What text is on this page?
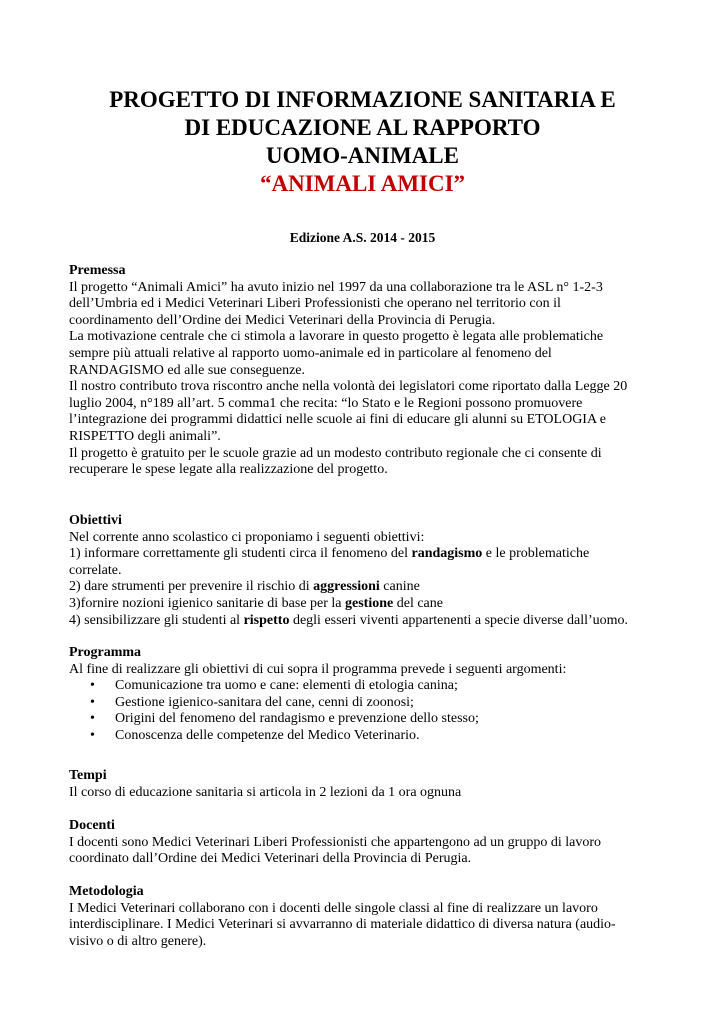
PROGETTO DI INFORMAZIONE SANITARIA E
DI EDUCAZIONE AL RAPPORTO
UOMO-ANIMALE
“ANIMALI AMICI”
Edizione A.S. 2014 - 2015
Premessa
Il progetto “Animali Amici” ha avuto inizio nel 1997 da una collaborazione tra le ASL n° 1-2-3
dell’Umbria ed i Medici Veterinari Liberi Professionisti che operano nel territorio con il
coordinamento dell’Ordine dei Medici Veterinari della Provincia di Perugia.
La motivazione centrale che ci stimola a lavorare in questo progetto è legata alle problematiche
sempre più attuali relative al rapporto uomo-animale ed in particolare al fenomeno del
RANDAGISMO ed alle sue conseguenze.
Il nostro contributo trova riscontro anche nella volontà dei legislatori come riportato dalla Legge 20
luglio 2004, n°189 all’art. 5 comma1 che recita: “lo Stato e le Regioni possono promuovere
l’integrazione dei programmi didattici nelle scuole ai fini di educare gli alunni su ETOLOGIA e
RISPETTO degli animali”.
Il progetto è gratuito per le scuole grazie ad un modesto contributo regionale che ci consente di
recuperare le spese legate alla realizzazione del progetto.
Obiettivi
Nel corrente anno scolastico ci proponiamo i seguenti obiettivi:
1) informare correttamente gli studenti circa il fenomeno del randagismo e le problematiche
correlate.
2) dare strumenti per prevenire il rischio di aggressioni canine
3)fornire nozioni igienico sanitarie di base per la gestione del cane
4) sensibilizzare gli studenti al rispetto degli esseri viventi appartenenti a specie diverse dall’uomo.
Programma
Al fine di realizzare gli obiettivi di cui sopra il programma prevede i seguenti argomenti:
• Comunicazione tra uomo e cane: elementi di etologia canina;
• Gestione igienico-sanitara del cane, cenni di zoonosi;
• Origini del fenomeno del randagismo e prevenzione dello stesso;
• Conoscenza delle competenze del Medico Veterinario.
Tempi
Il corso di educazione sanitaria si articola in 2 lezioni da 1 ora ognuna
Docenti
I docenti sono Medici Veterinari Liberi Professionisti che appartengono ad un gruppo di lavoro
coordinato dall’Ordine dei Medici Veterinari della Provincia di Perugia.
Metodologia
I Medici Veterinari collaborano con i docenti delle singole classi al fine di realizzare un lavoro
interdisciplinare. I Medici Veterinari si avvarranno di materiale didattico di diversa natura (audio-
visivo o di altro genere).
